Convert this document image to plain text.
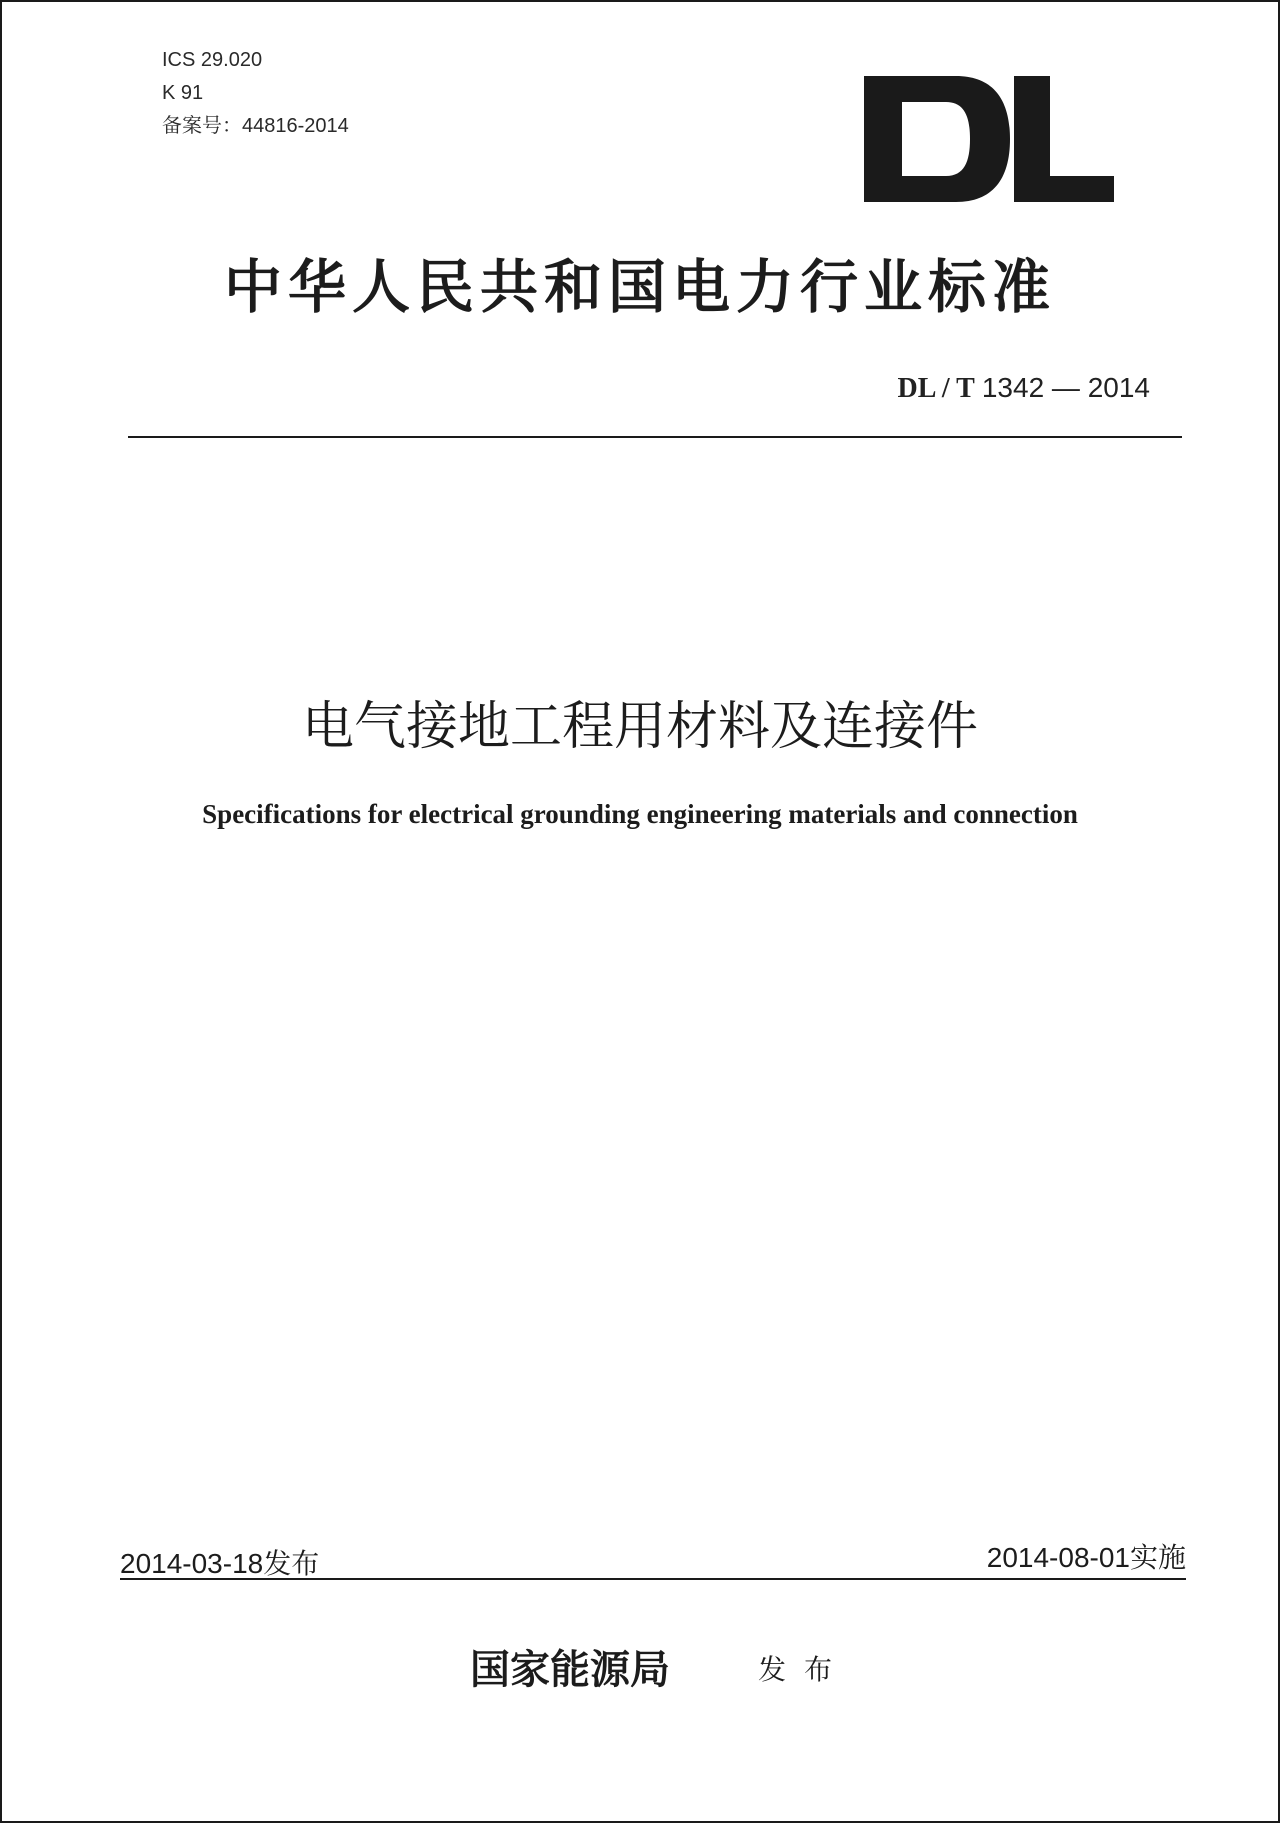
ICS 29.020
K 91
备案号：44816-2014
中华人民共和国电力行业标准
DL / T 1342 — 2014
电气接地工程用材料及连接件
Specifications for electrical grounding engineering materials and connection
2014-03-18发布	2014-08-01实施
国家能源局	发布
